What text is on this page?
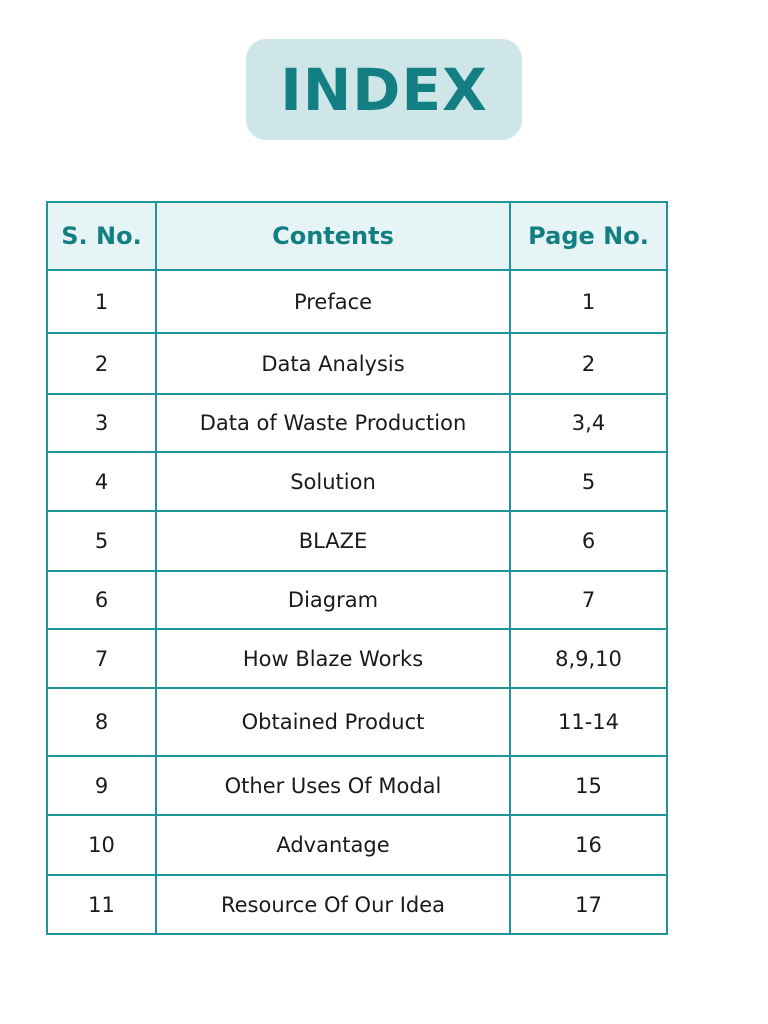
INDEX
S. No.	Contents	Page No.
1	Preface	1
2	Data Analysis	2
3	Data of Waste Production	3,4
4	Solution	5
5	BLAZE	6
6	Diagram	7
7	How Blaze Works	8,9,10
8	Obtained Product	11-14
9	Other Uses Of Modal	15
10	Advantage	16
11	Resource Of Our Idea	17
